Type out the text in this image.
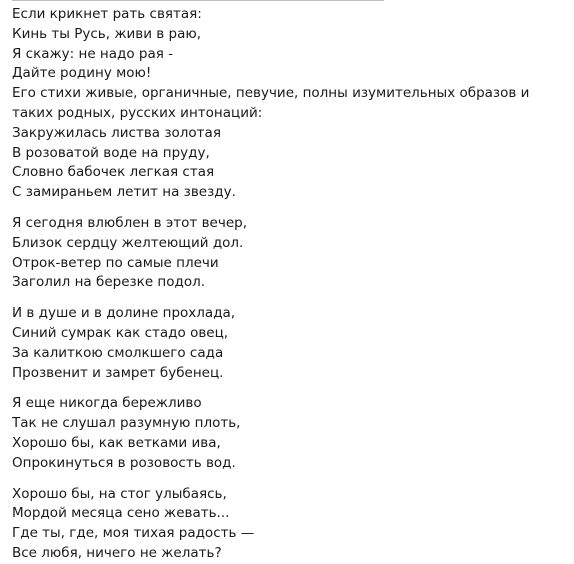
Если крикнет рать святая:
Кинь ты Русь, живи в раю,
Я скажу: не надо рая -
Дайте родину мою!
Его стихи живые, органичные, певучие, полны изумительных образов и таких родных, русских интонаций:
Закружилась листва золотая
В розоватой воде на пруду,
Словно бабочек легкая стая
С замираньем летит на звезду.
Я сегодня влюблен в этот вечер,
Близок сердцу желтеющий дол.
Отрок-ветер по самые плечи
Заголил на березке подол.
И в душе и в долине прохлада,
Синий сумрак как стадо овец,
За калиткою смолкшего сада
Прозвенит и замрет бубенец.
Я еще никогда бережливо
Так не слушал разумную плоть,
Хорошо бы, как ветками ива,
Опрокинуться в розовость вод.
Хорошо бы, на стог улыбаясь,
Мордой месяца сено жевать...
Где ты, где, моя тихая радость —
Все любя, ничего не желать?
